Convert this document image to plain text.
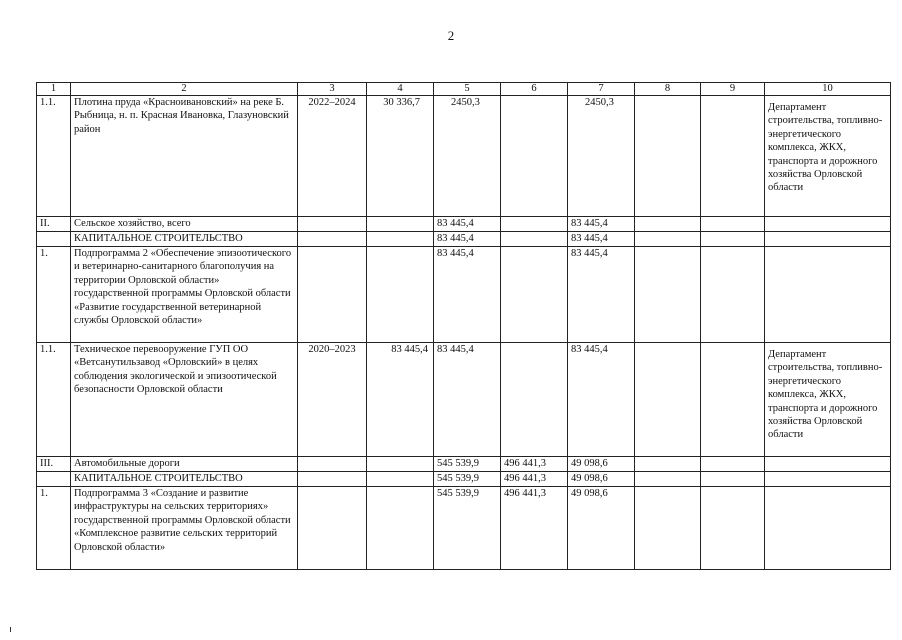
2
1	2	3	4	5	6	7	8	9	10
1.1.	Плотина пруда «Красноивановский» на реке Б. Рыбница, н. п. Красная Ивановка, Глазуновский район	2022–2024	30 336,7	2450,3		2450,3			Департамент строительства, топливно-энергетического комплекса, ЖКХ, транспорта и дорожного хозяйства Орловской области
II.	Сельское хозяйство, всего			83 445,4		83 445,4			
	КАПИТАЛЬНОЕ СТРОИТЕЛЬСТВО			83 445,4		83 445,4			
1.	Подпрограмма 2 «Обеспечение эпизоотического и ветеринарно-санитарного благополучия на территории Орловской области» государственной программы Орловской области «Развитие государственной ветеринарной службы Орловской области»			83 445,4		83 445,4			
1.1.	Техническое перевооружение ГУП ОО «Ветсанутильзавод «Орловский» в целях соблюдения экологической и эпизоотической безопасности Орловской области	2020–2023	83 445,4	83 445,4		83 445,4			Департамент строительства, топливно-энергетического комплекса, ЖКХ, транспорта и дорожного хозяйства Орловской области
III.	Автомобильные дороги			545 539,9	496 441,3	49 098,6			
	КАПИТАЛЬНОЕ СТРОИТЕЛЬСТВО			545 539,9	496 441,3	49 098,6			
1.	Подпрограмма 3 «Создание и развитие инфраструктуры на сельских территориях» государственной программы Орловской области «Комплексное развитие сельских территорий Орловской области»			545 539,9	496 441,3	49 098,6			
